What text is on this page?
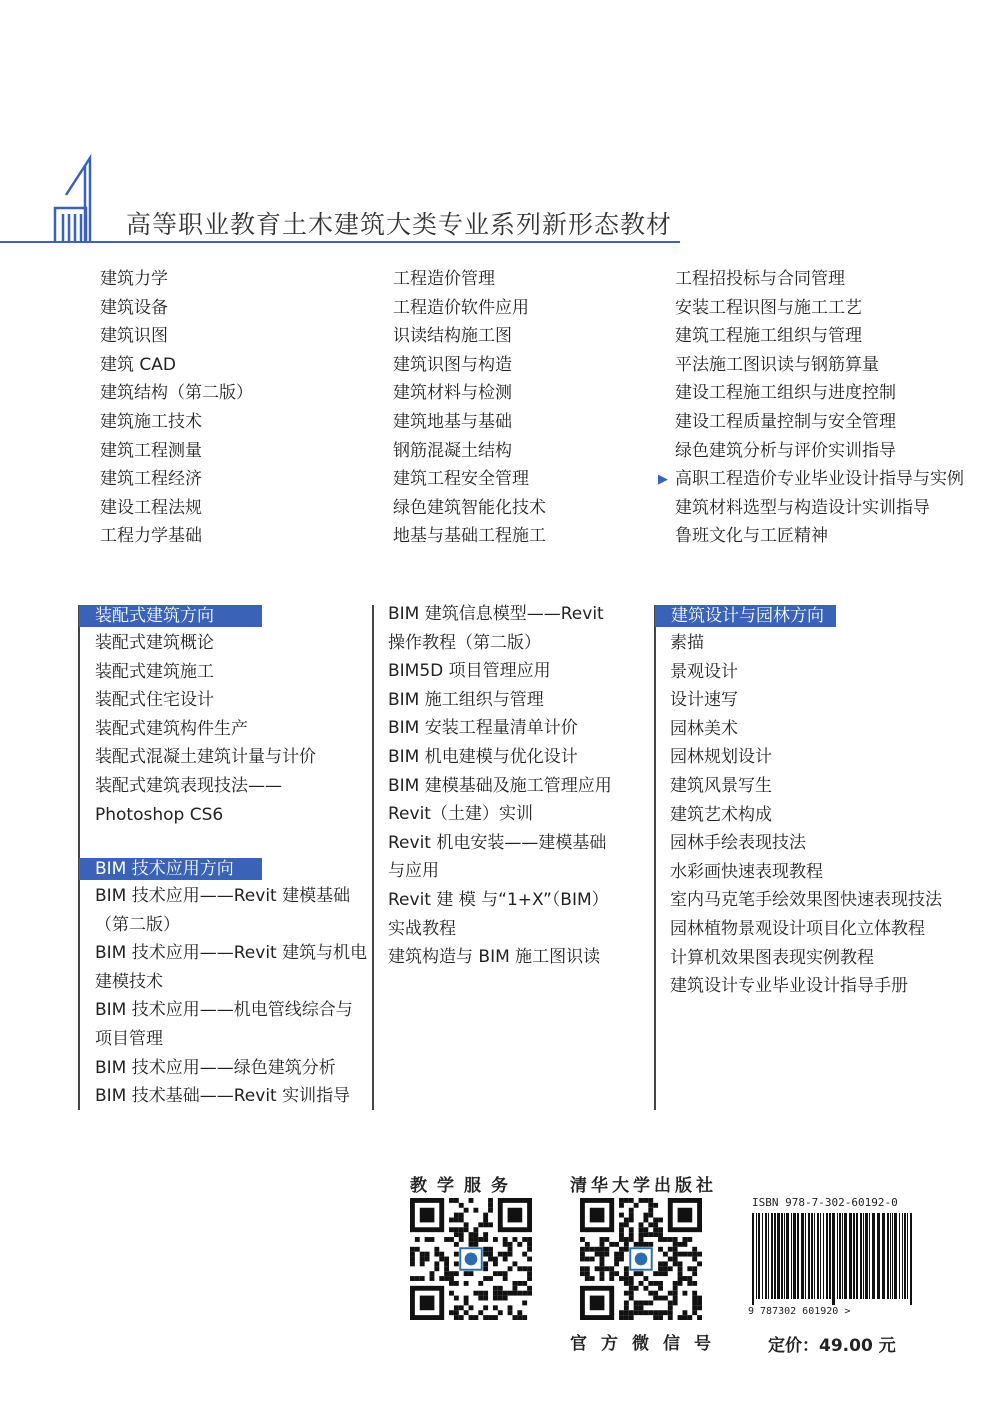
高等职业教育土木建筑大类专业系列新形态教材
建筑力学
建筑设备
建筑识图
建筑 CAD
建筑结构（第二版）
建筑施工技术
建筑工程测量
建筑工程经济
建设工程法规
工程力学基础
工程造价管理
工程造价软件应用
识读结构施工图
建筑识图与构造
建筑材料与检测
建筑地基与基础
钢筋混凝土结构
建筑工程安全管理
绿色建筑智能化技术
地基与基础工程施工
工程招投标与合同管理
安装工程识图与施工工艺
建筑工程施工组织与管理
平法施工图识读与钢筋算量
建设工程施工组织与进度控制
建设工程质量控制与安全管理
绿色建筑分析与评价实训指导
▶ 高职工程造价专业毕业设计指导与实例
建筑材料选型与构造设计实训指导
鲁班文化与工匠精神
装配式建筑方向
装配式建筑概论
装配式建筑施工
装配式住宅设计
装配式建筑构件生产
装配式混凝土建筑计量与计价
装配式建筑表现技法——
Photoshop CS6
BIM 技术应用方向
BIM 技术应用——Revit 建模基础
（第二版）
BIM 技术应用——Revit 建筑与机电
建模技术
BIM 技术应用——机电管线综合与
项目管理
BIM 技术应用——绿色建筑分析
BIM 技术基础——Revit 实训指导
BIM 建筑信息模型——Revit
操作教程（第二版）
BIM5D 项目管理应用
BIM 施工组织与管理
BIM 安装工程量清单计价
BIM 机电建模与优化设计
BIM 建模基础及施工管理应用
Revit（土建）实训
Revit 机电安装——建模基础
与应用
Revit 建 模 与“1+X”（BIM）
实战教程
建筑构造与 BIM 施工图识读
建筑设计与园林方向
素描
景观设计
设计速写
园林美术
园林规划设计
建筑风景写生
建筑艺术构成
园林手绘表现技法
水彩画快速表现教程
室内马克笔手绘效果图快速表现技法
园林植物景观设计项目化立体教程
计算机效果图表现实例教程
建筑设计专业毕业设计指导手册
教学服务	清华大学出版社
官方微信号
ISBN 978-7-302-60192-0
9 787302 601920 >
定价：49.00 元
